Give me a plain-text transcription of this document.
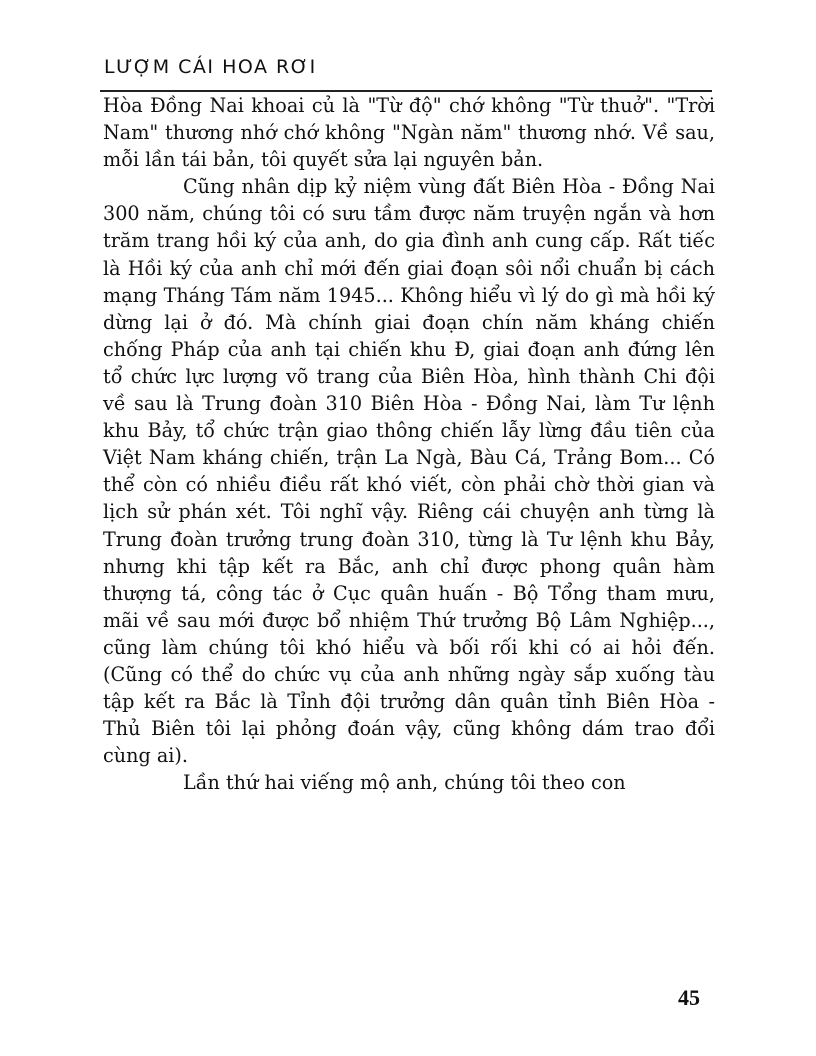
LƯỢM CÁI HOA RƠI

Hòa Đồng Nai khoai củ là "Từ độ" chớ không "Từ thuở". "Trời Nam" thương nhớ chớ không "Ngàn năm" thương nhớ. Về sau, mỗi lần tái bản, tôi quyết sửa lại nguyên bản.

Cũng nhân dịp kỷ niệm vùng đất Biên Hòa - Đồng Nai 300 năm, chúng tôi có sưu tầm được năm truyện ngắn và hơn trăm trang hồi ký của anh, do gia đình anh cung cấp. Rất tiếc là Hồi ký của anh chỉ mới đến giai đoạn sôi nổi chuẩn bị cách mạng Tháng Tám năm 1945... Không hiểu vì lý do gì mà hồi ký dừng lại ở đó. Mà chính giai đoạn chín năm kháng chiến chống Pháp của anh tại chiến khu Đ, giai đoạn anh đứng lên tổ chức lực lượng võ trang của Biên Hòa, hình thành Chi đội về sau là Trung đoàn 310 Biên Hòa - Đồng Nai, làm Tư lệnh khu Bảy, tổ chức trận giao thông chiến lẫy lừng đầu tiên của Việt Nam kháng chiến, trận La Ngà, Bàu Cá, Trảng Bom... Có thể còn có nhiều điều rất khó viết, còn phải chờ thời gian và lịch sử phán xét. Tôi nghĩ vậy. Riêng cái chuyện anh từng là Trung đoàn trưởng trung đoàn 310, từng là Tư lệnh khu Bảy, nhưng khi tập kết ra Bắc, anh chỉ được phong quân hàm thượng tá, công tác ở Cục quân huấn - Bộ Tổng tham mưu, mãi về sau mới được bổ nhiệm Thứ trưởng Bộ Lâm Nghiệp..., cũng làm chúng tôi khó hiểu và bối rối khi có ai hỏi đến. (Cũng có thể do chức vụ của anh những ngày sắp xuống tàu tập kết ra Bắc là Tỉnh đội trưởng dân quân tỉnh Biên Hòa - Thủ Biên tôi lại phỏng đoán vậy, cũng không dám trao đổi cùng ai).

Lần thứ hai viếng mộ anh, chúng tôi theo con

45
